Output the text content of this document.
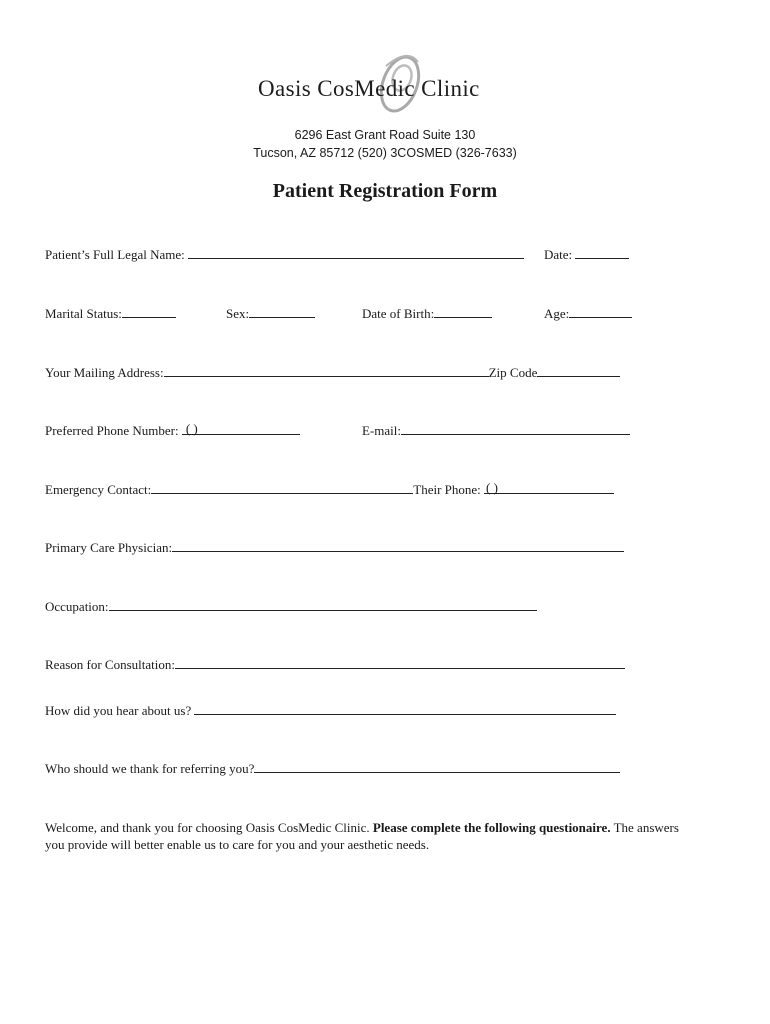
Oasis CosMedic Clinic
6296 East Grant Road Suite 130
Tucson, AZ 85712 (520) 3COSMED (326-7633)
Patient Registration Form
Patient’s Full Legal Name:	Date:
Marital Status:	Sex:	Date of Birth:	Age:
Your Mailing Address:	Zip Code
Preferred Phone Number: ( )	E-mail:
Emergency Contact:	Their Phone: ( )
Primary Care Physician:
Occupation:
Reason for Consultation:
How did you hear about us?
Who should we thank for referring you?
Welcome, and thank you for choosing Oasis CosMedic Clinic. Please complete the following questionaire. The answers you provide will better enable us to care for you and your aesthetic needs.
